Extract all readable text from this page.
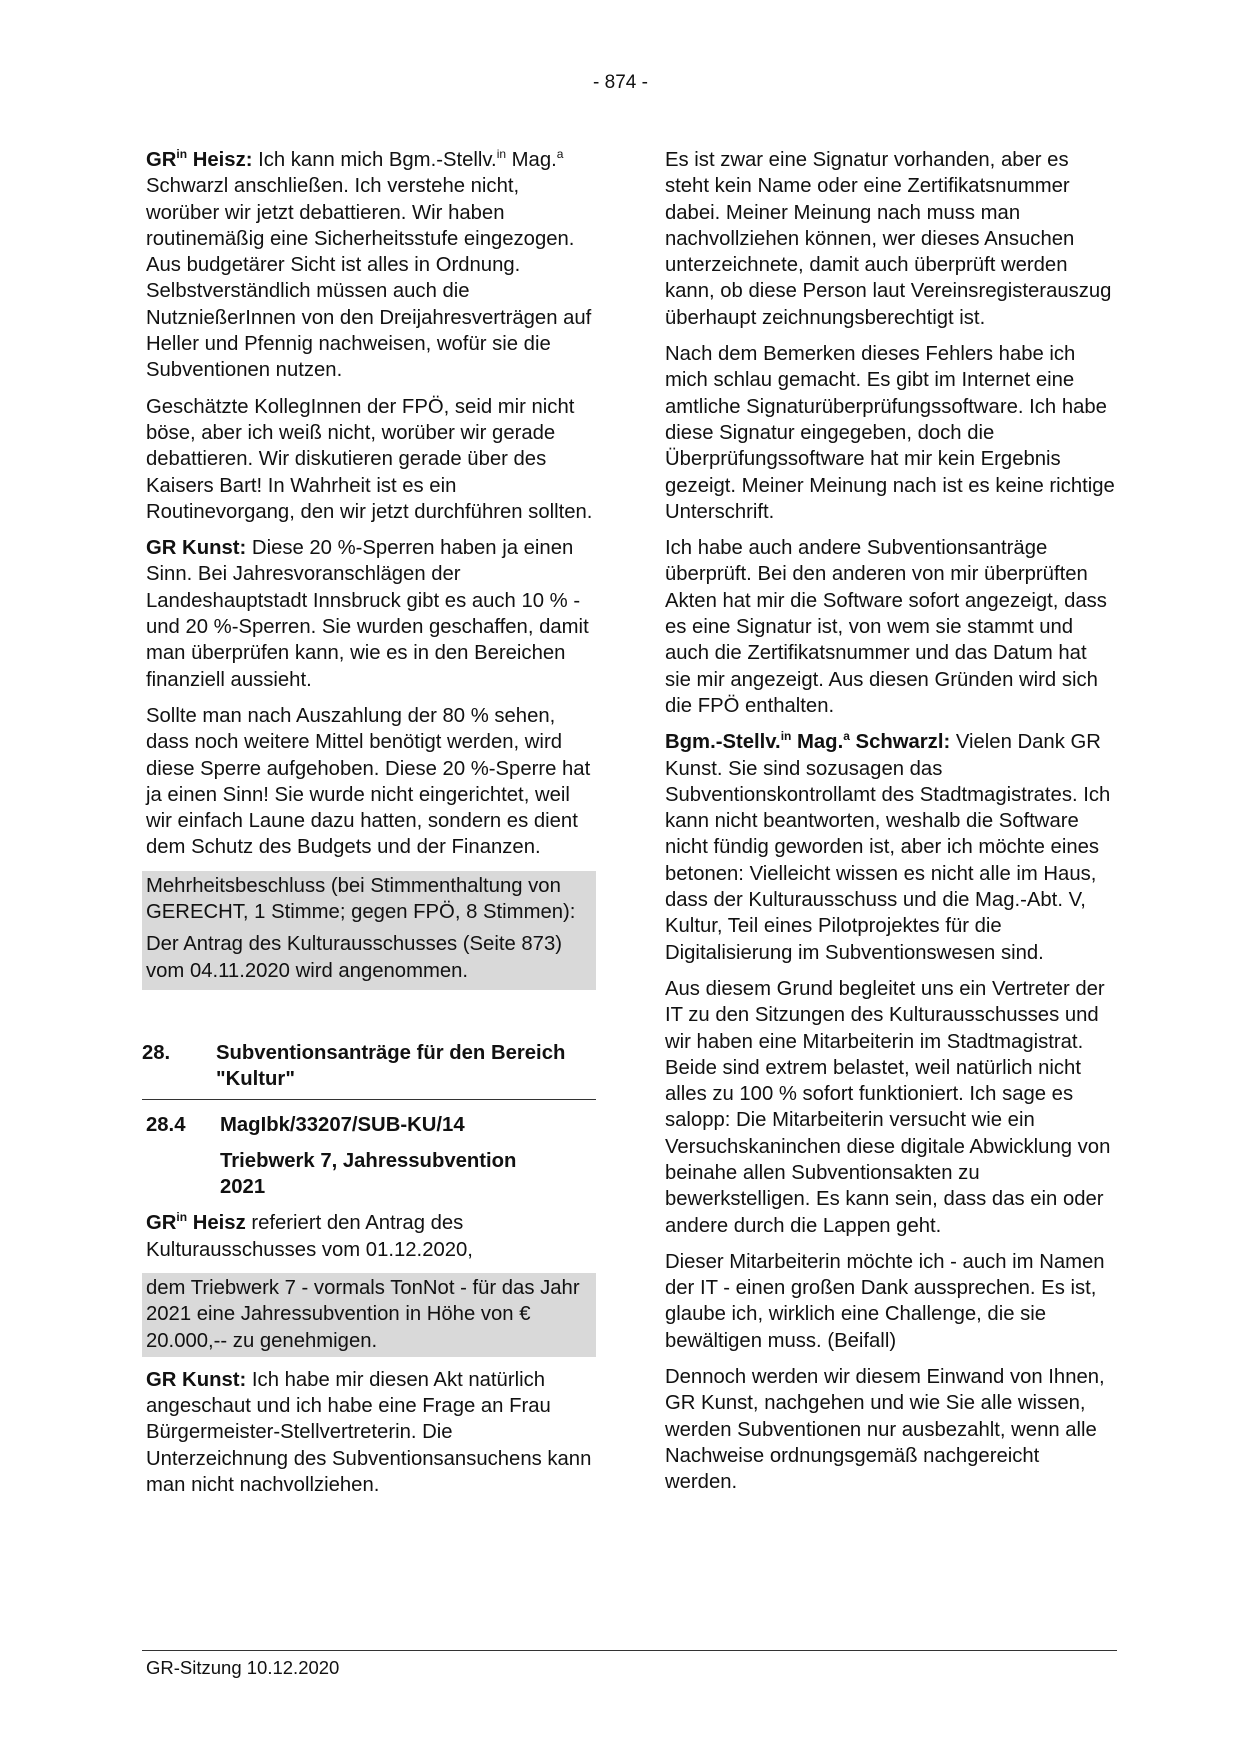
- 874 -

$GR^{in}$ Heisz: Ich kann mich Bgm.-Stellv.$^{in}$ Mag.$^a$ Schwarzl anschließen. Ich verstehe nicht, worüber wir jetzt debattieren. Wir haben routinemäßig eine Sicherheitsstufe eingezogen. Aus budgetärer Sicht ist alles in Ordnung. Selbstverständlich müssen auch die NutznießerInnen von den Dreijahresverträgen auf Heller und Pfennig nachweisen, wofür sie die Subventionen nutzen.

Geschätzte KollegInnen der FPÖ, seid mir nicht böse, aber ich weiß nicht, worüber wir gerade debattieren. Wir diskutieren gerade über des Kaisers Bart! In Wahrheit ist es ein Routinevorgang, den wir jetzt durchführen sollten.

GR Kunst: Diese 20 %-Sperren haben ja einen Sinn. Bei Jahresvoranschlägen der Landeshauptstadt Innsbruck gibt es auch 10 % - und 20 %-Sperren. Sie wurden geschaffen, damit man überprüfen kann, wie es in den Bereichen finanziell aussieht.

Sollte man nach Auszahlung der 80 % sehen, dass noch weitere Mittel benötigt werden, wird diese Sperre aufgehoben. Diese 20 %-Sperre hat ja einen Sinn! Sie wurde nicht eingerichtet, weil wir einfach Laune dazu hatten, sondern es dient dem Schutz des Budgets und der Finanzen.

Mehrheitsbeschluss (bei Stimmenthaltung von GERECHT, 1 Stimme; gegen FPÖ, 8 Stimmen):

Der Antrag des Kulturausschusses (Seite 873) vom 04.11.2020 wird angenommen.

28.	Subventionsanträge für den Bereich "Kultur"
28.4	MagIbk/33207/SUB-KU/14
Triebwerk 7, Jahressubvention 2021

$GR^{in}$ Heisz referiert den Antrag des Kulturausschusses vom 01.12.2020,

dem Triebwerk 7 - vormals TonNot - für das Jahr 2021 eine Jahressubvention in Höhe von € 20.000,-- zu genehmigen.

GR Kunst: Ich habe mir diesen Akt natürlich angeschaut und ich habe eine Frage an Frau Bürgermeister-Stellvertreterin. Die Unterzeichnung des Subventionsansuchens kann man nicht nachvollziehen.

Es ist zwar eine Signatur vorhanden, aber es steht kein Name oder eine Zertifikatsnummer dabei. Meiner Meinung nach muss man nachvollziehen können, wer dieses Ansuchen unterzeichnete, damit auch überprüft werden kann, ob diese Person laut Vereinsregisterauszug überhaupt zeichnungsberechtigt ist.

Nach dem Bemerken dieses Fehlers habe ich mich schlau gemacht. Es gibt im Internet eine amtliche Signaturüberprüfungssoftware. Ich habe diese Signatur eingegeben, doch die Überprüfungssoftware hat mir kein Ergebnis gezeigt. Meiner Meinung nach ist es keine richtige Unterschrift.

Ich habe auch andere Subventionsanträge überprüft. Bei den anderen von mir überprüften Akten hat mir die Software sofort angezeigt, dass es eine Signatur ist, von wem sie stammt und auch die Zertifikatsnummer und das Datum hat sie mir angezeigt. Aus diesen Gründen wird sich die FPÖ enthalten.

Bgm.-Stellv.$^{in}$ Mag.$^a$ Schwarzl: Vielen Dank GR Kunst. Sie sind sozusagen das Subventionskontrollamt des Stadtmagistrates. Ich kann nicht beantworten, weshalb die Software nicht fündig geworden ist, aber ich möchte eines betonen: Vielleicht wissen es nicht alle im Haus, dass der Kulturausschuss und die Mag.-Abt. V, Kultur, Teil eines Pilotprojektes für die Digitalisierung im Subventionswesen sind.

Aus diesem Grund begleitet uns ein Vertreter der IT zu den Sitzungen des Kulturausschusses und wir haben eine Mitarbeiterin im Stadtmagistrat. Beide sind extrem belastet, weil natürlich nicht alles zu 100 % sofort funktioniert. Ich sage es salopp: Die Mitarbeiterin versucht wie ein Versuchskaninchen diese digitale Abwicklung von beinahe allen Subventionsakten zu bewerkstelligen. Es kann sein, dass das ein oder andere durch die Lappen geht.

Dieser Mitarbeiterin möchte ich - auch im Namen der IT - einen großen Dank aussprechen. Es ist, glaube ich, wirklich eine Challenge, die sie bewältigen muss. (Beifall)

Dennoch werden wir diesem Einwand von Ihnen, GR Kunst, nachgehen und wie Sie alle wissen, werden Subventionen nur ausbezahlt, wenn alle Nachweise ordnungsgemäß nachgereicht werden.

GR-Sitzung 10.12.2020
